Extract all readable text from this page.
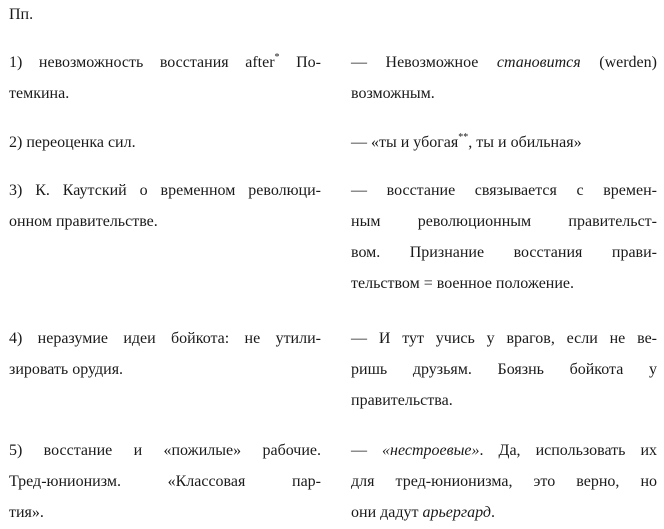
Пп.
1) невозможность восстания after* По-
темкина.
2) переоценка сил.
3) К. Каутский о временном революци-
онном правительстве.
4) неразумие идеи бойкота: не утили-
зировать орудия.
5) восстание и «пожилые» рабочие.
Тред-юнионизм. «Классовая пар-
тия».
— Невозможное становится (werden)
возможным.
— «ты и убогая**, ты и обильная»
— восстание связывается с времен-
ным революционным правительст-
вом. Признание восстания прави-
тельством = военное положение.
— И тут учись у врагов, если не ве-
ришь друзьям. Боязнь бойкота у
правительства.
— «нестроевые». Да, использовать их
для тред-юнионизма, это верно, но
они дадут арьергард.
